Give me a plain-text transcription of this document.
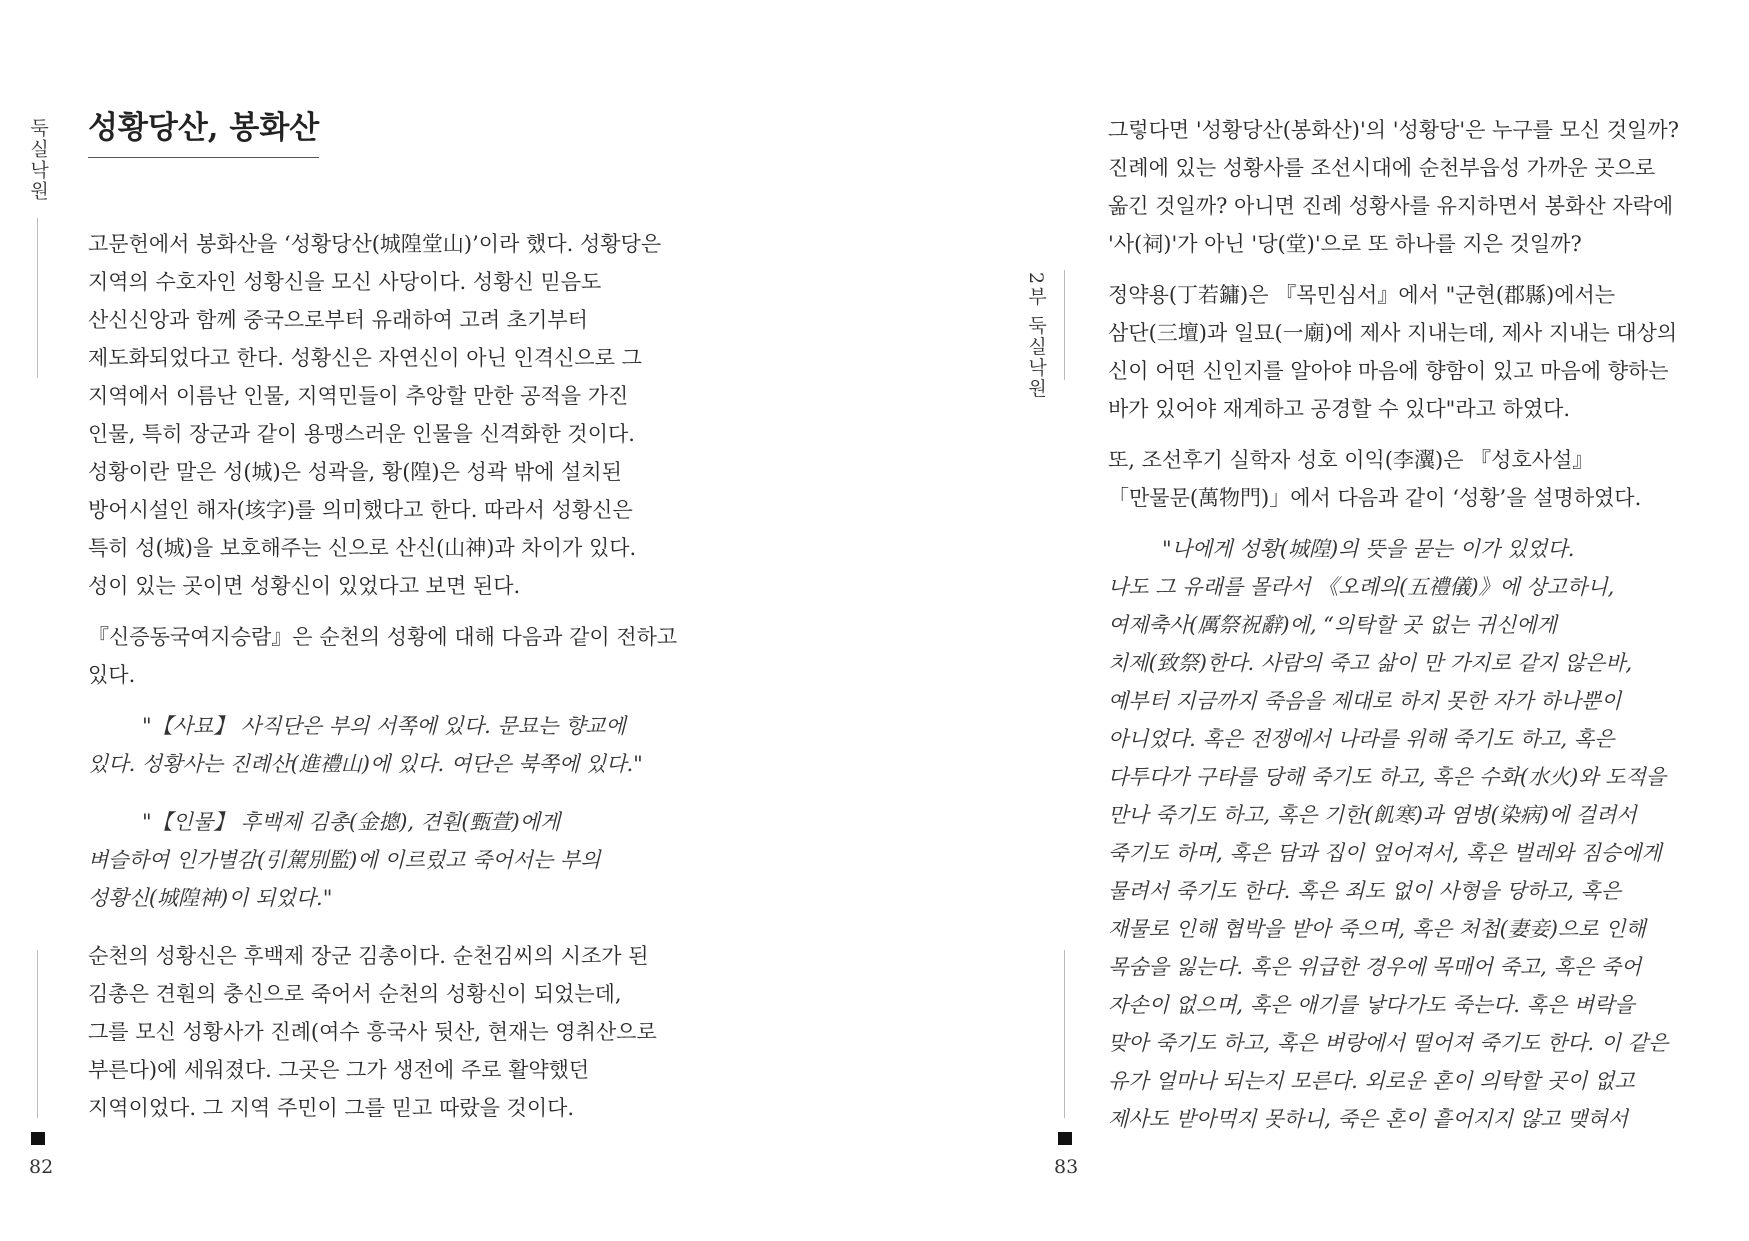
둑실낙원
82
성황당산, 봉화산

고문헌에서 봉화산을 ‘성황당산(城隍堂山)’이라 했다. 성황당은
지역의 수호자인 성황신을 모신 사당이다. 성황신 믿음도
산신신앙과 함께 중국으로부터 유래하여 고려 초기부터
제도화되었다고 한다. 성황신은 자연신이 아닌 인격신으로 그
지역에서 이름난 인물, 지역민들이 추앙할 만한 공적을 가진
인물, 특히 장군과 같이 용맹스러운 인물을 신격화한 것이다.
성황이란 말은 성(城)은 성곽을, 황(隍)은 성곽 밖에 설치된
방어시설인 해자(垓字)를 의미했다고 한다. 따라서 성황신은
특히 성(城)을 보호해주는 신으로 산신(山神)과 차이가 있다.
성이 있는 곳이면 성황신이 있었다고 보면 된다.

『신증동국여지승람』은 순천의 성황에 대해 다음과 같이 전하고
있다.

"【사묘】 사직단은 부의 서쪽에 있다. 문묘는 향교에
있다. 성황사는 진례산(進禮山)에 있다. 여단은 북쪽에 있다."

"【인물】 후백제 김총(金摠), 견훤(甄萱)에게
벼슬하여 인가별감(引駕別監)에 이르렀고 죽어서는 부의
성황신(城隍神)이 되었다."

순천의 성황신은 후백제 장군 김총이다. 순천김씨의 시조가 된
김총은 견훤의 충신으로 죽어서 순천의 성황신이 되었는데,
그를 모신 성황사가 진례(여수 흥국사 뒷산, 현재는 영취산으로
부른다)에 세워졌다. 그곳은 그가 생전에 주로 활약했던
지역이었다. 그 지역 주민이 그를 믿고 따랐을 것이다.

2부 둑실낙원
83

그렇다면 '성황당산(봉화산)'의 '성황당'은 누구를 모신 것일까?
진례에 있는 성황사를 조선시대에 순천부읍성 가까운 곳으로
옮긴 것일까? 아니면 진례 성황사를 유지하면서 봉화산 자락에
'사(祠)'가 아닌 '당(堂)'으로 또 하나를 지은 것일까?

정약용(丁若鏞)은 『목민심서』에서 "군현(郡縣)에서는
삼단(三壇)과 일묘(一廟)에 제사 지내는데, 제사 지내는 대상의
신이 어떤 신인지를 알아야 마음에 향함이 있고 마음에 향하는
바가 있어야 재계하고 공경할 수 있다"라고 하였다.

또, 조선후기 실학자 성호 이익(李瀷)은 『성호사설』
「만물문(萬物門)」에서 다음과 같이 ‘성황’을 설명하였다.

"나에게 성황(城隍)의 뜻을 묻는 이가 있었다.
나도 그 유래를 몰라서 《오례의(五禮儀)》에 상고하니,
여제축사(厲祭祝辭)에, “의탁할 곳 없는 귀신에게
치제(致祭)한다. 사람의 죽고 삶이 만 가지로 같지 않은바,
예부터 지금까지 죽음을 제대로 하지 못한 자가 하나뿐이
아니었다. 혹은 전쟁에서 나라를 위해 죽기도 하고, 혹은
다투다가 구타를 당해 죽기도 하고, 혹은 수화(水火)와 도적을
만나 죽기도 하고, 혹은 기한(飢寒)과 염병(染病)에 걸려서
죽기도 하며, 혹은 담과 집이 엎어져서, 혹은 벌레와 짐승에게
물려서 죽기도 한다. 혹은 죄도 없이 사형을 당하고, 혹은
재물로 인해 협박을 받아 죽으며, 혹은 처첩(妻妾)으로 인해
목숨을 잃는다. 혹은 위급한 경우에 목매어 죽고, 혹은 죽어
자손이 없으며, 혹은 애기를 낳다가도 죽는다. 혹은 벼락을
맞아 죽기도 하고, 혹은 벼랑에서 떨어져 죽기도 한다. 이 같은
유가 얼마나 되는지 모른다. 외로운 혼이 의탁할 곳이 없고
제사도 받아먹지 못하니, 죽은 혼이 흩어지지 않고 맺혀서
